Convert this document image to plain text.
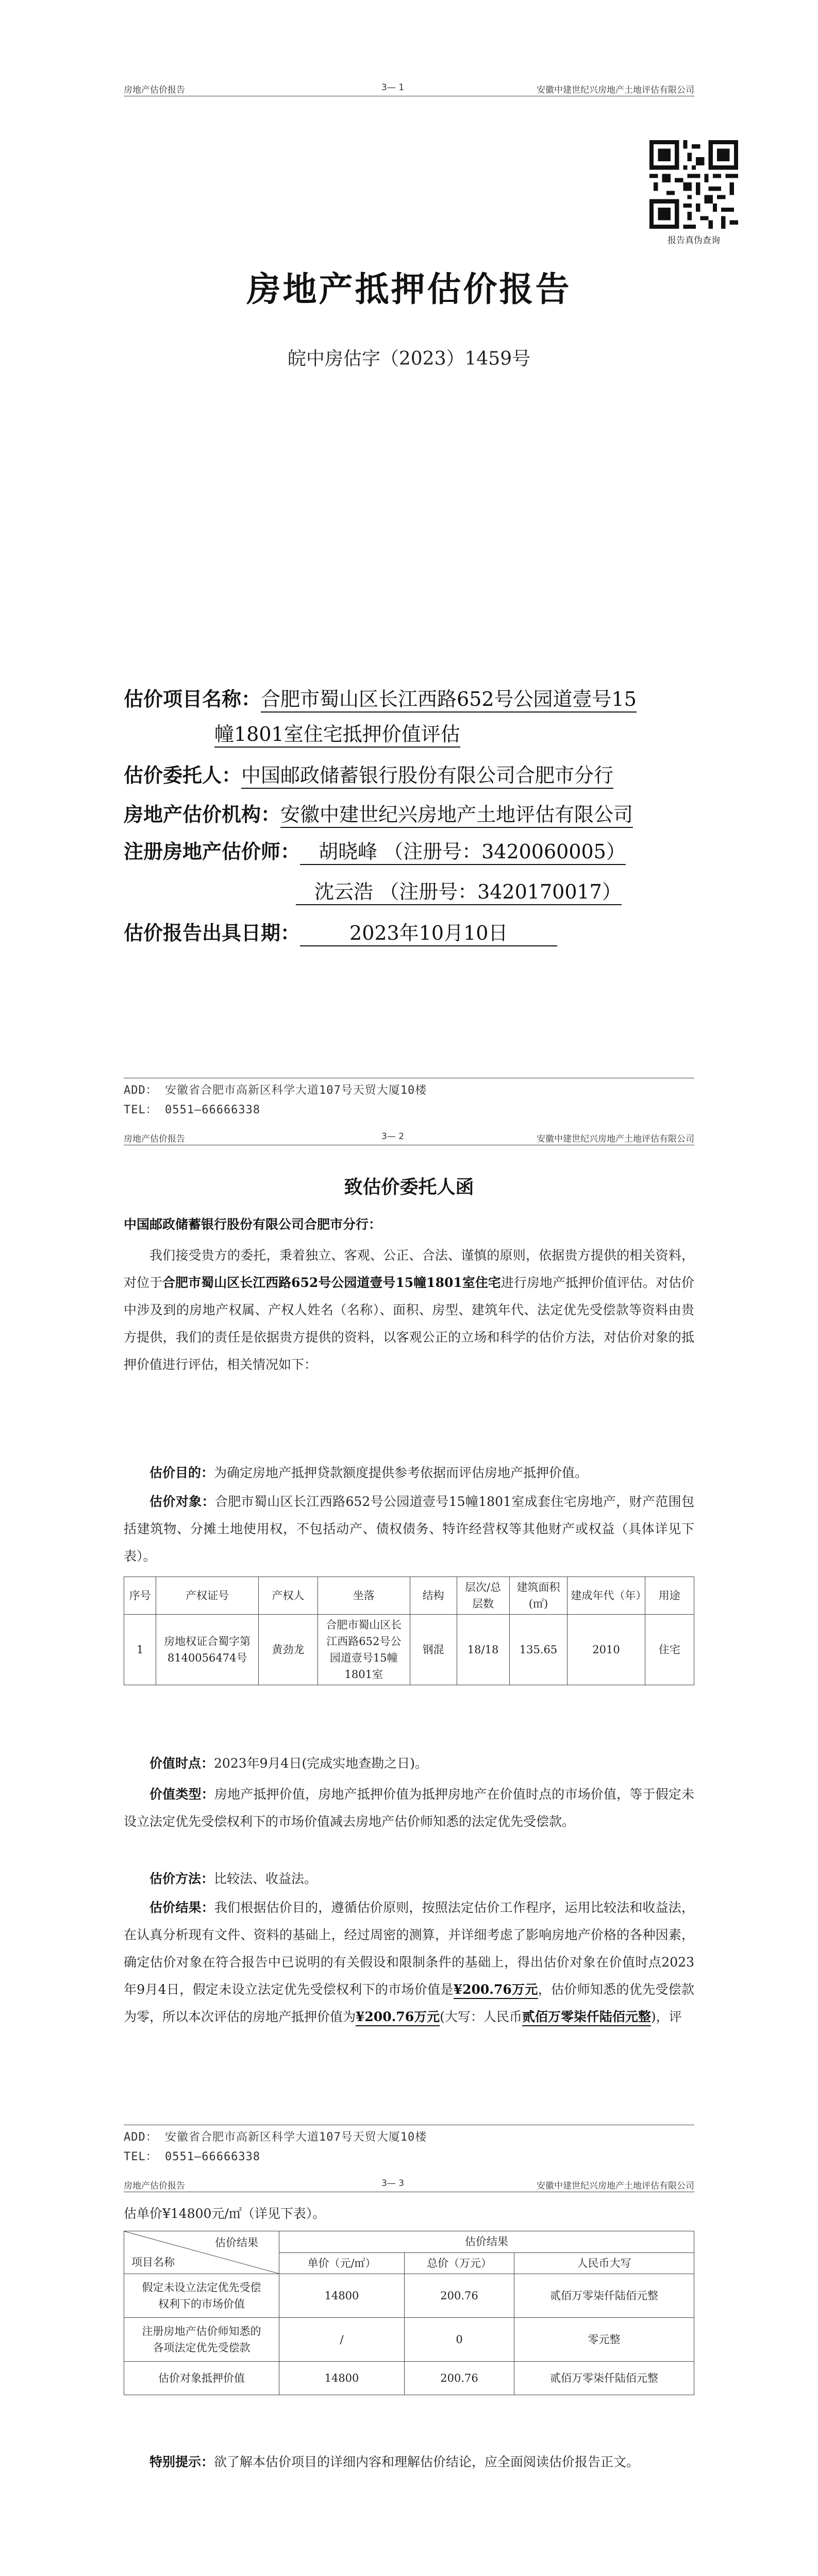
房地产估价报告	3— 1	安徽中建世纪兴房地产土地评估有限公司
报告真伪查询
房地产抵押估价报告
皖中房估字（2023）1459号
估价项目名称：合肥市蜀山区长江西路652号公园道壹号15
幢1801室住宅抵押价值评估
估价委托人：中国邮政储蓄银行股份有限公司合肥市分行
房地产估价机构：安徽中建世纪兴房地产土地评估有限公司
注册房地产估价师： 胡晓峰 （注册号：3420060005）
沈云浩 （注册号：3420170017）
估价报告出具日期：	2023年10月10日
ADD： 安徽省合肥市高新区科学大道107号天贸大厦10楼
TEL： 0551—66666338
房地产估价报告	3— 2	安徽中建世纪兴房地产土地评估有限公司
致估价委托人函
中国邮政储蓄银行股份有限公司合肥市分行：
我们接受贵方的委托，秉着独立、客观、公正、合法、谨慎的原则，依据贵方提供的相关资料，对位于合肥市蜀山区长江西路652号公园道壹号15幢1801室住宅进行房地产抵押价值评估。对估价中涉及到的房地产权属、产权人姓名（名称）、面积、房型、建筑年代、法定优先受偿款等资料由贵方提供，我们的责任是依据贵方提供的资料，以客观公正的立场和科学的估价方法，对估价对象的抵押价值进行评估，相关情况如下：
估价目的：为确定房地产抵押贷款额度提供参考依据而评估房地产抵押价值。
估价对象：合肥市蜀山区长江西路652号公园道壹号15幢1801室成套住宅房地产，财产范围包括建筑物、分摊土地使用权，不包括动产、债权债务、特许经营权等其他财产或权益（具体详见下表）。
序号	产权证号	产权人	坐落	结构	层次/总层数	建筑面积(㎡)	建成年代（年）	用途
1	房地权证合蜀字第8140056474号	黄劲龙	合肥市蜀山区长江西路652号公园道壹号15幢1801室	钢混	18/18	135.65	2010	住宅
价值时点：2023年9月4日(完成实地查勘之日)。
价值类型：房地产抵押价值，房地产抵押价值为抵押房地产在价值时点的市场价值，等于假定未设立法定优先受偿权利下的市场价值减去房地产估价师知悉的法定优先受偿款。
估价方法：比较法、收益法。
估价结果：我们根据估价目的，遵循估价原则，按照法定估价工作程序，运用比较法和收益法，在认真分析现有文件、资料的基础上，经过周密的测算，并详细考虑了影响房地产价格的各种因素，确定估价对象在符合报告中已说明的有关假设和限制条件的基础上，得出估价对象在价值时点2023年9月4日，假定未设立法定优先受偿权利下的市场价值是¥200.76万元，估价师知悉的优先受偿款为零，所以本次评估的房地产抵押价值为¥200.76万元(大写：人民币贰佰万零柒仟陆佰元整)，评
ADD： 安徽省合肥市高新区科学大道107号天贸大厦10楼
TEL： 0551—66666338
房地产估价报告	3— 3	安徽中建世纪兴房地产土地评估有限公司
估单价¥14800元/㎡（详见下表）。
估价结果
项目名称	估价结果		
	单价（元/㎡）	总价（万元）	人民币大写
假定未设立法定优先受偿权利下的市场价值	14800	200.76	贰佰万零柒仟陆佰元整
注册房地产估价师知悉的各项法定优先受偿款	/	0	零元整
估价对象抵押价值	14800	200.76	贰佰万零柒仟陆佰元整
特别提示：欲了解本估价项目的详细内容和理解估价结论，应全面阅读估价报告正文。
